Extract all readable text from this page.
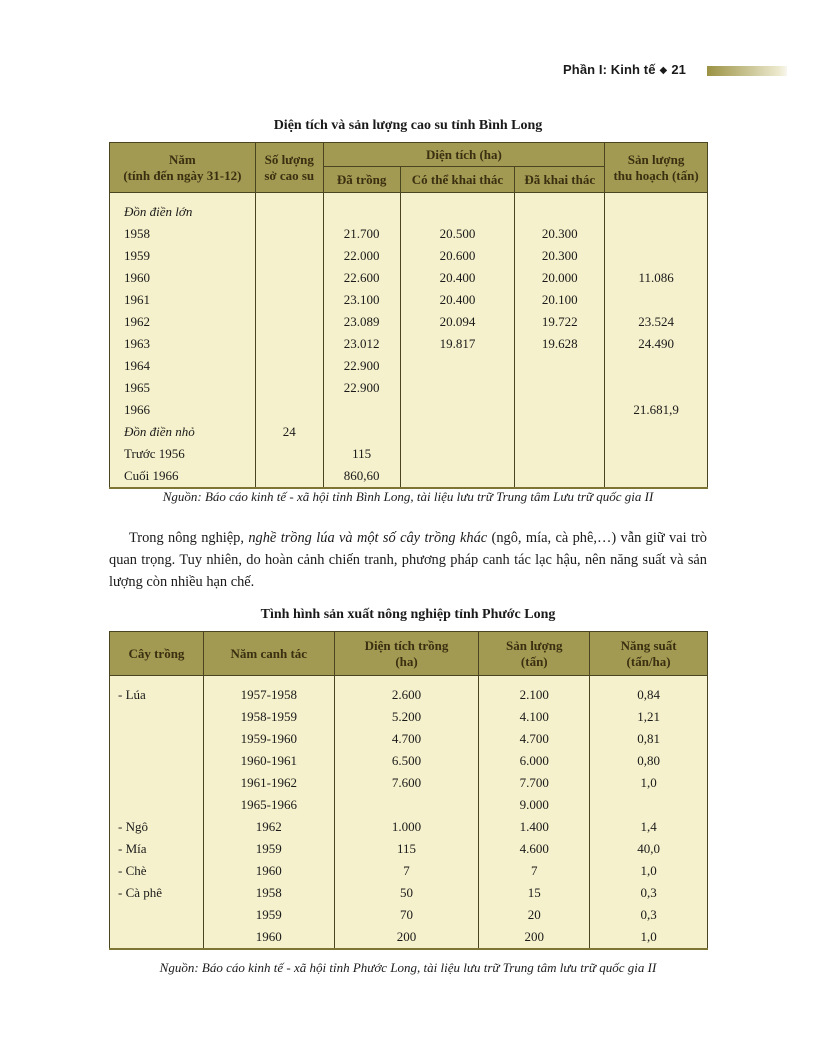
Phần I: Kinh tế ◆ 21
Diện tích và sản lượng cao su tỉnh Bình Long
Năm
(tính đến ngày 31-12)	Số lượng
sở cao su	Diện tích (ha)			Sản lượng
thu hoạch (tấn)
		Đã trồng	Có thể khai thác	Đã khai thác	

Đồn điền lớn					
1958		21.700	20.500	20.300	
1959		22.000	20.600	20.300	
1960		22.600	20.400	20.000	11.086
1961		23.100	20.400	20.100	
1962		23.089	20.094	19.722	23.524
1963		23.012	19.817	19.628	24.490
1964		22.900			
1965		22.900			
1966					21.681,9
Đồn điền nhỏ	24				
Trước 1956		115			
Cuối 1966		860,60			
Nguồn: Báo cáo kinh tế - xã hội tỉnh Bình Long, tài liệu lưu trữ Trung tâm Lưu trữ quốc gia II

Trong nông nghiệp, nghề trồng lúa và một số cây trồng khác (ngô, mía, cà phê,…) vẫn giữ vai trò quan trọng. Tuy nhiên, do hoàn cảnh chiến tranh, phương pháp canh tác lạc hậu, nên năng suất và sản lượng còn nhiều hạn chế.

Tình hình sản xuất nông nghiệp tỉnh Phước Long
Cây trồng	Năm canh tác	Diện tích trồng
(ha)	Sản lượng
(tấn)	Năng suất
(tấn/ha)

- Lúa	1957-1958	2.600	2.100	0,84
	1958-1959	5.200	4.100	1,21
	1959-1960	4.700	4.700	0,81
	1960-1961	6.500	6.000	0,80
	1961-1962	7.600	7.700	1,0
	1965-1966		9.000	
- Ngô	1962	1.000	1.400	1,4
- Mía	1959	115	4.600	40,0
- Chè	1960	7	7	1,0
- Cà phê	1958	50	15	0,3
	1959	70	20	0,3
	1960	200	200	1,0
Nguồn: Báo cáo kinh tế - xã hội tỉnh Phước Long, tài liệu lưu trữ Trung tâm lưu trữ quốc gia II
